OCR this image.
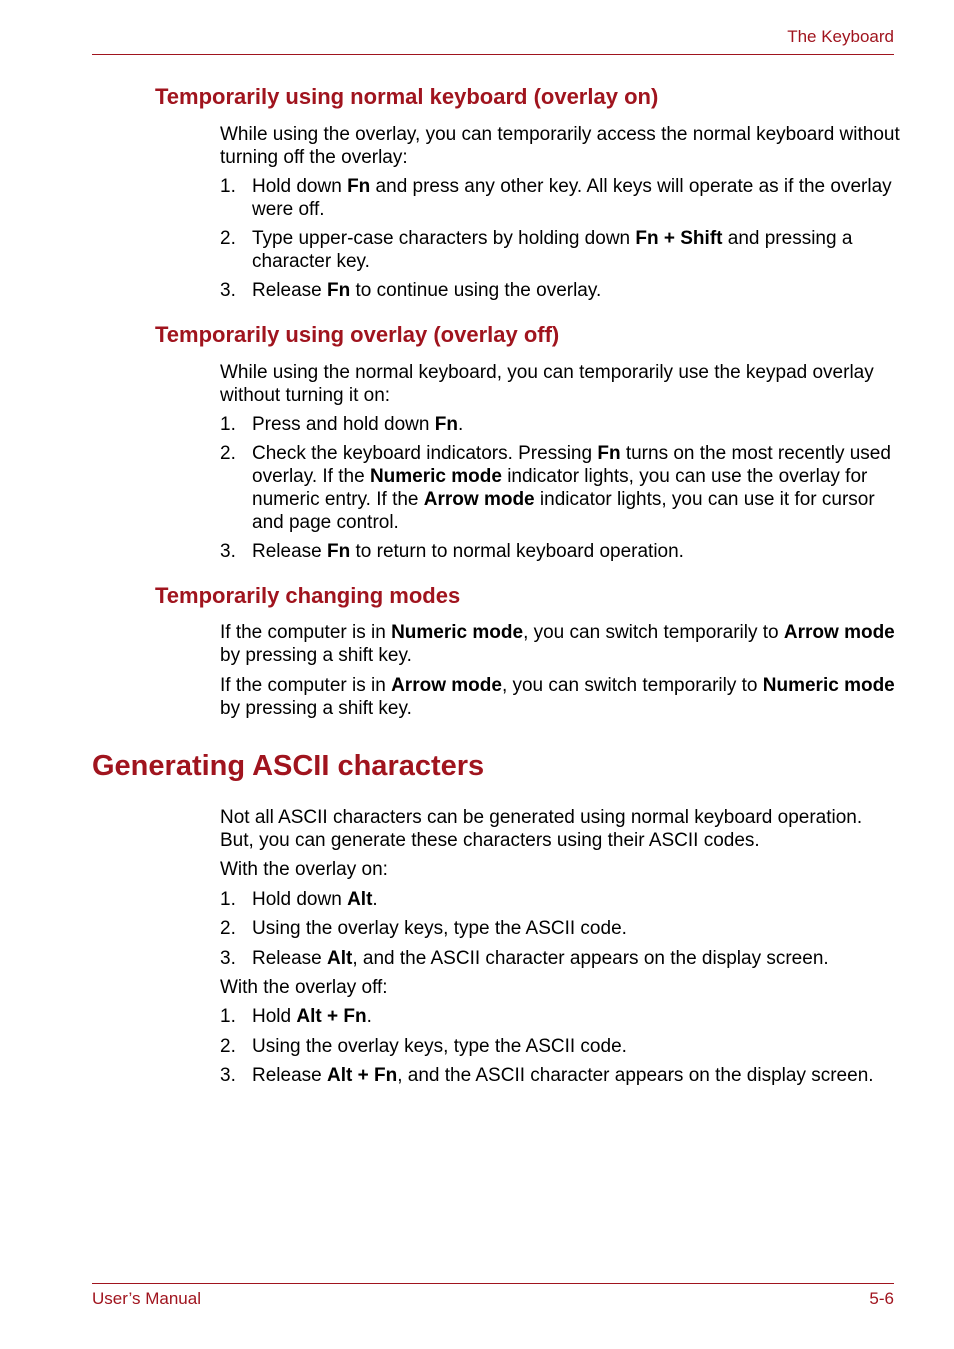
The Keyboard
Temporarily using normal keyboard (overlay on)

While using the overlay, you can temporarily access the normal keyboard without turning off the overlay:

1. Hold down Fn and press any other key. All keys will operate as if the overlay were off.
2. Type upper-case characters by holding down Fn + Shift and pressing a character key.
3. Release Fn to continue using the overlay.
Temporarily using overlay (overlay off)

While using the normal keyboard, you can temporarily use the keypad overlay without turning it on:

1. Press and hold down Fn.
2. Check the keyboard indicators. Pressing Fn turns on the most recently used overlay. If the Numeric mode indicator lights, you can use the overlay for numeric entry. If the Arrow mode indicator lights, you can use it for cursor and page control.
3. Release Fn to return to normal keyboard operation.
Temporarily changing modes

If the computer is in Numeric mode, you can switch temporarily to Arrow mode by pressing a shift key.

If the computer is in Arrow mode, you can switch temporarily to Numeric mode by pressing a shift key.

Generating ASCII characters

Not all ASCII characters can be generated using normal keyboard operation. But, you can generate these characters using their ASCII codes.

With the overlay on:

1. Hold down Alt.
2. Using the overlay keys, type the ASCII code.
3. Release Alt, and the ASCII character appears on the display screen.

With the overlay off:

1. Hold Alt + Fn.
2. Using the overlay keys, type the ASCII code.
3. Release Alt + Fn, and the ASCII character appears on the display screen.
User’s Manual	5-6
